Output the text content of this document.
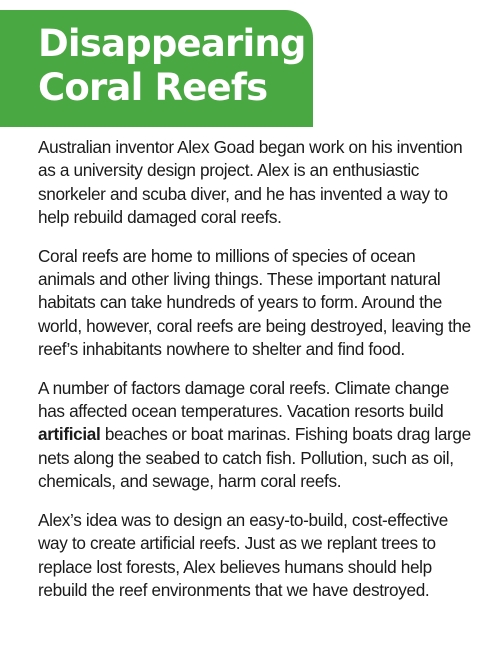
Disappearing
Coral Reefs

Australian inventor Alex Goad began work on his invention as a university design project. Alex is an enthusiastic snorkeler and scuba diver, and he has invented a way to help rebuild damaged coral reefs.

Coral reefs are home to millions of species of ocean animals and other living things. These important natural habitats can take hundreds of years to form. Around the world, however, coral reefs are being destroyed, leaving the reef’s inhabitants nowhere to shelter and find food.

A number of factors damage coral reefs. Climate change has affected ocean temperatures. Vacation resorts build artificial beaches or boat marinas. Fishing boats drag large nets along the seabed to catch fish. Pollution, such as oil, chemicals, and sewage, harm coral reefs.

Alex’s idea was to design an easy-to-build, cost-effective way to create artificial reefs. Just as we replant trees to replace lost forests, Alex believes humans should help rebuild the reef environments that we have destroyed.
